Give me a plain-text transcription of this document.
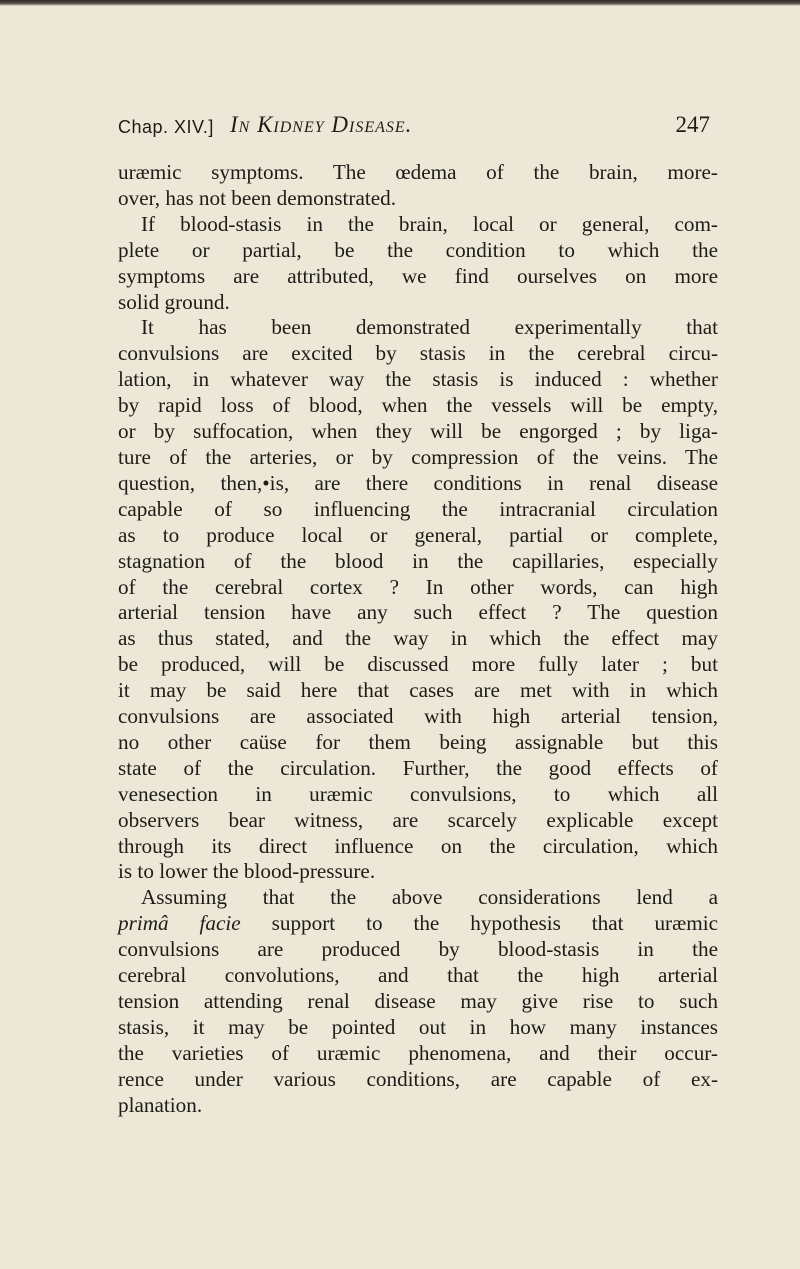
Chap. XIV.] In Kidney Disease.	247

uræmic symptoms. The œdema of the brain, more-
over, has not been demonstrated.

If blood-stasis in the brain, local or general, com-
plete or partial, be the condition to which the
symptoms are attributed, we find ourselves on more
solid ground.

It has been demonstrated experimentally that
convulsions are excited by stasis in the cerebral circu-
lation, in whatever way the stasis is induced : whether
by rapid loss of blood, when the vessels will be empty,
or by suffocation, when they will be engorged ; by liga-
ture of the arteries, or by compression of the veins. The
question, then,•is, are there conditions in renal disease
capable of so influencing the intracranial circulation
as to produce local or general, partial or complete,
stagnation of the blood in the capillaries, especially
of the cerebral cortex ? In other words, can high
arterial tension have any such effect ? The question
as thus stated, and the way in which the effect may
be produced, will be discussed more fully later ; but
it may be said here that cases are met with in which
convulsions are associated with high arterial tension,
no other caüse for them being assignable but this
state of the circulation. Further, the good effects of
venesection in uræmic convulsions, to which all
observers bear witness, are scarcely explicable except
through its direct influence on the circulation, which
is to lower the blood-pressure.

Assuming that the above considerations lend a
primâ facie support to the hypothesis that uræmic
convulsions are produced by blood-stasis in the
cerebral convolutions, and that the high arterial
tension attending renal disease may give rise to such
stasis, it may be pointed out in how many instances
the varieties of uræmic phenomena, and their occur-
rence under various conditions, are capable of ex-
planation.
